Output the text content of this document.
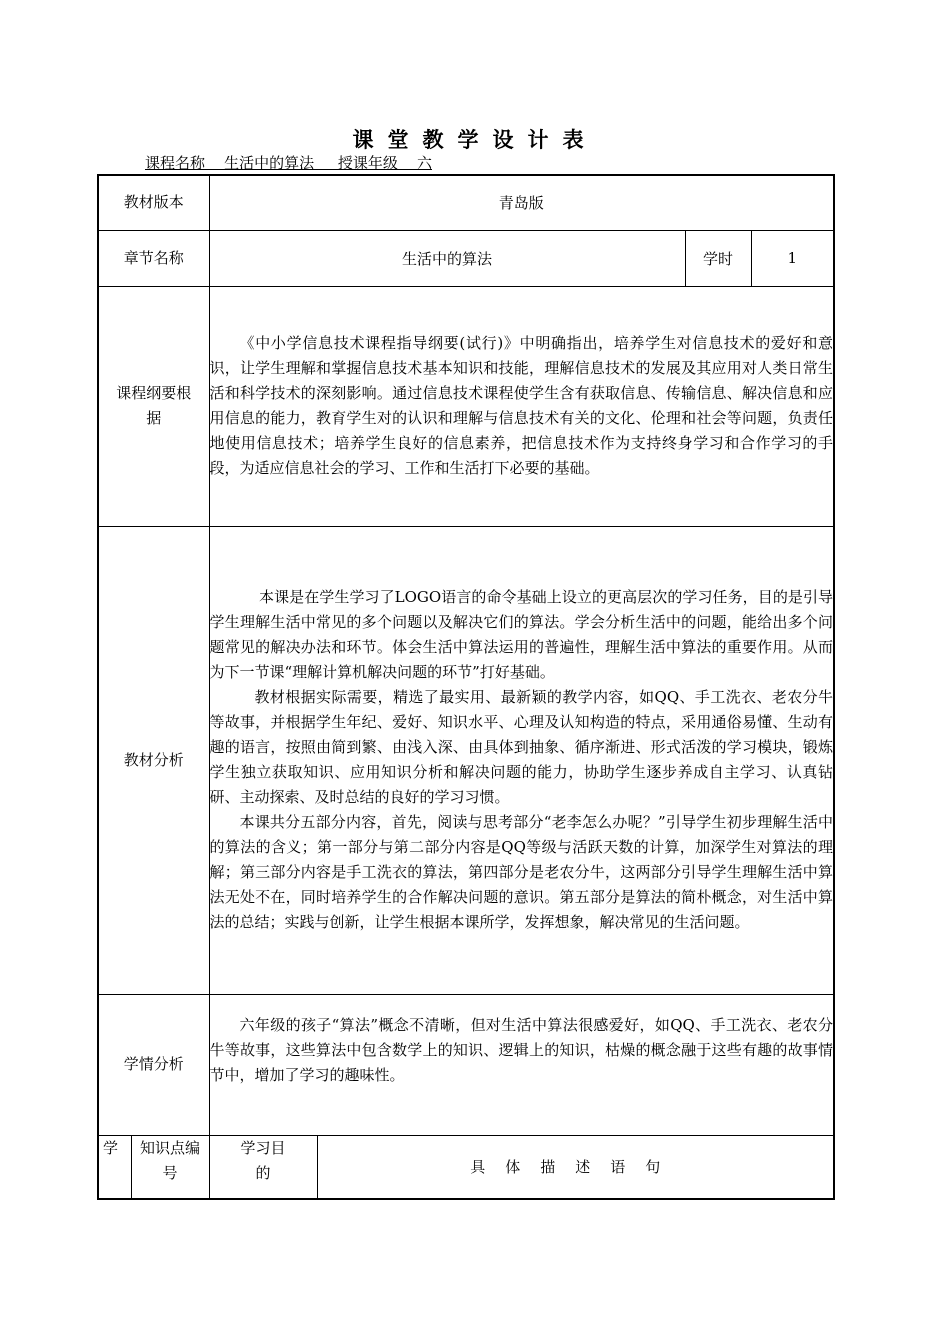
课堂教学设计表
课程名称    生活中的算法     授课年级    六
教材版本		青岛版			
章节名称		生活中的算法		学时	1

课程纲要根据		《中小学信息技术课程指导纲要(试行)》中明确指出，培养学生对信息技术的爱好和意识，让学生理解和掌握信息技术基本知识和技能，理解信息技术的发展及其应用对人类日常生活和科学技术的深刻影响。通过信息技术课程使学生含有获取信息、传输信息、解决信息和应用信息的能力，教育学生对的认识和理解与信息技术有关的文化、伦理和社会等问题，负责任地使用信息技术；培养学生良好的信息素养，把信息技术作为支持终身学习和合作学习的手段，为适应信息社会的学习、工作和生活打下必要的基础。			

教材分析		本课是在学生学习了LOGO语言的命令基础上设立的更高层次的学习任务，目的是引导学生理解生活中常见的多个问题以及解决它们的算法。学会分析生活中的问题，能给出多个问题常见的解决办法和环节。体会生活中算法运用的普遍性，理解生活中算法的重要作用。从而为下一节课“理解计算机解决问题的环节”打好基础。

教材根据实际需要，精选了最实用、最新颖的教学内容，如QQ、手工洗衣、老农分牛等故事，并根据学生年纪、爱好、知识水平、心理及认知构造的特点，采用通俗易懂、生动有趣的语言，按照由简到繁、由浅入深、由具体到抽象、循序渐进、形式活泼的学习模块，锻炼学生独立获取知识、应用知识分析和解决问题的能力，协助学生逐步养成自主学习、认真钻研、主动探索、及时总结的良好的学习习惯。

本课共分五部分内容，首先，阅读与思考部分“老李怎么办呢？”引导学生初步理解生活中的算法的含义；第一部分与第二部分内容是QQ等级与活跃天数的计算，加深学生对算法的理解；第三部分内容是手工洗衣的算法，第四部分是老农分牛，这两部分引导学生理解生活中算法无处不在，同时培养学生的合作解决问题的意识。第五部分是算法的简朴概念，对生活中算法的总结；实践与创新，让学生根据本课所学，发挥想象，解决常见的生活问题。			

学情分析		六年级的孩子“算法”概念不清晰，但对生活中算法很感爱好，如QQ、手工洗衣、老农分牛等故事，这些算法中包含数学上的知识、逻辑上的知识，枯燥的概念融于这些有趣的故事情节中，增加了学习的趣味性。			

学	知识点编 号	学习目的	具体描述语句		
